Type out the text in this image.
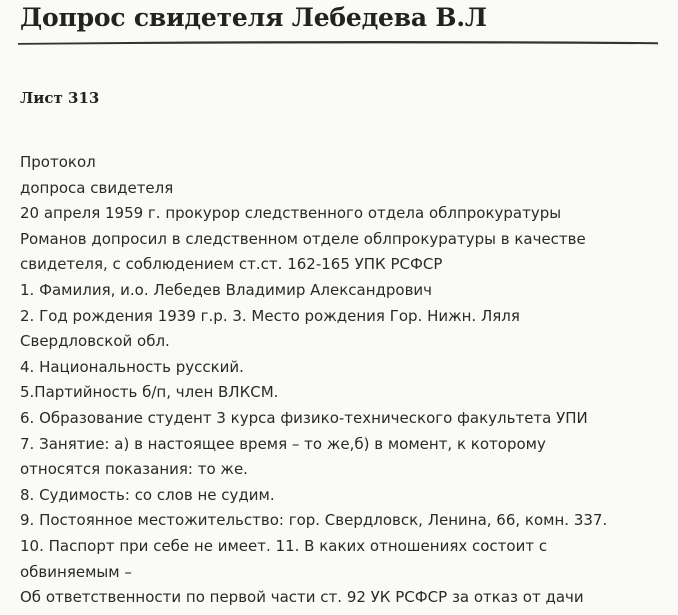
Допрос свидетеля Лебедева В.Л
Лист 313
Протокол
допроса свидетеля
20 апреля 1959 г. прокурор следственного отдела облпрокуратуры
Романов допросил в следственном отделе облпрокуратуры в качестве
свидетеля, с соблюдением ст.ст. 162-165 УПК РСФСР
1. Фамилия, и.о. Лебедев Владимир Александрович
2. Год рождения 1939 г.р. 3. Место рождения Гор. Нижн. Ляля
Свердловской обл.
4. Национальность русский.
5.Партийность б/п, член ВЛКСМ.
6. Образование студент 3 курса физико-технического факультета УПИ
7. Занятие: а) в настоящее время – то же,б) в момент, к которому
относятся показания: то же.
8. Судимость: со слов не судим.
9. Постоянное местожительство: гор. Свердловск, Ленина, 66, комн. 337.
10. Паспорт при себе не имеет. 11. В каких отношениях состоит с
обвиняемым –
Об ответственности по первой части ст. 92 УК РСФСР за отказ от дачи
